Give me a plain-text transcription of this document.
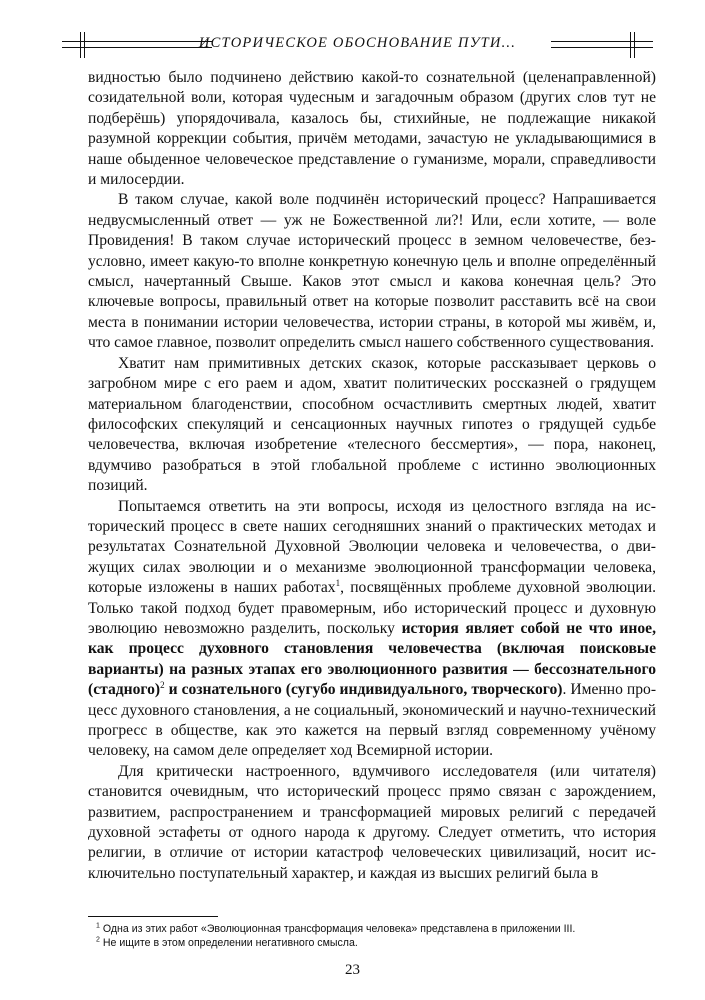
ИСТОРИЧЕСКОЕ ОБОСНОВАНИЕ ПУТИ...

видностью было подчинено действию какой-то сознательной (целенаправленной) созидательной воли, которая чудесным и загадочным образом (других слов тут не подберёшь) упорядочивала, казалось бы, стихийные, не подлежащие никакой разумной коррекции события, причём методами, зачастую не укладывающимися в наше обыденное человеческое представление о гуманизме, морали, справедливости и милосердии.

В таком случае, какой воле подчинён исторический процесс? Напрашивается недвусмысленный ответ — уж не Божественной ли?! Или, если хотите, — воле Провидения! В таком случае исторический процесс в земном человечестве, безусловно, имеет какую-то вполне конкретную конечную цель и вполне определённый смысл, начертанный Свыше. Каков этот смысл и какова конечная цель? Это ключевые вопросы, правильный ответ на которые позволит расставить всё на свои места в понимании истории человечества, истории страны, в которой мы живём, и, что самое главное, позволит определить смысл нашего собственного существования.

Хватит нам примитивных детских сказок, которые рассказывает церковь о загробном мире с его раем и адом, хватит политических россказней о грядущем материальном благоденствии, способном осчастливить смертных людей, хватит философских спекуляций и сенсационных научных гипотез о грядущей судьбе человечества, включая изобретение «телесного бессмертия», — пора, наконец, вдумчиво разобраться в этой глобальной проблеме с истинно эволюционных позиций.

Попытаемся ответить на эти вопросы, исходя из целостного взгляда на исторический процесс в свете наших сегодняшних знаний о практических методах и результатах Сознательной Духовной Эволюции человека и человечества, о движущих силах эволюции и о механизме эволюционной трансформации человека, которые изложены в наших работах$^1$, посвящённых проблеме духовной эволюции. Только такой подход будет правомерным, ибо исторический процесс и духовную эволюцию невозможно разделить, поскольку история являет собой не что иное, как процесс духовного становления человечества (включая поисковые варианты) на разных этапах его эволюционного развития — бессознательного (стадного)$^2$ и сознательного (сугубо индивидуального, творческого). Именно процесс духовного становления, а не социальный, экономический и научно-технический прогресс в обществе, как это кажется на первый взгляд современному учёному человеку, на самом деле определяет ход Всемирной истории.

Для критически настроенного, вдумчивого исследователя (или читателя) становится очевидным, что исторический процесс прямо связан с зарождением, развитием, распространением и трансформацией мировых религий с передачей духовной эстафеты от одного народа к другому. Следует отметить, что история религии, в отличие от истории катастроф человеческих цивилизаций, носит исключительно поступательный характер, и каждая из высших религий была в

$^1$ Одна из этих работ «Эволюционная трансформация человека» представлена в приложении III.
$^2$ Не ищите в этом определении негативного смысла.
23
